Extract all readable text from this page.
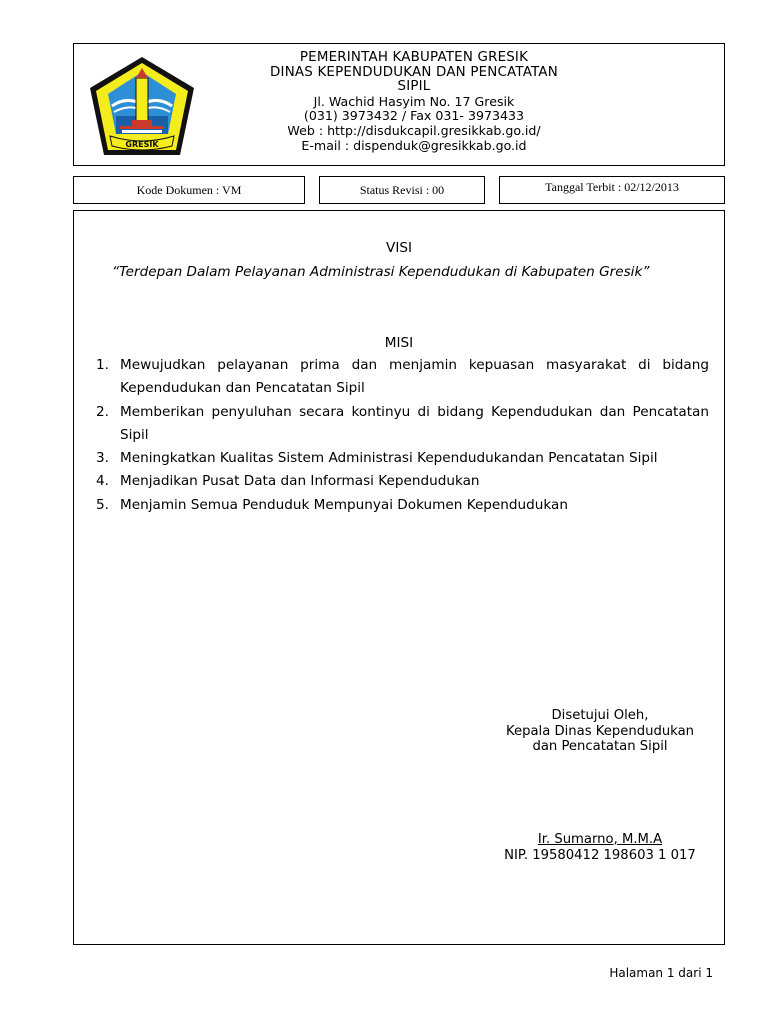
GRESIK
PEMERINTAH KABUPATEN GRESIK
DINAS KEPENDUDUKAN DAN PENCATATAN
SIPIL
Jl. Wachid Hasyim No. 17 Gresik
(031) 3973432 / Fax 031- 3973433
Web : http://disdukcapil.gresikkab.go.id/
E-mail : dispenduk@gresikkab.go.id
Kode Dokumen : VM	Status Revisi : 00	Tanggal Terbit : 02/12/2013
VISI
“Terdepan Dalam Pelayanan Administrasi Kependudukan di Kabupaten Gresik”
MISI
1. Mewujudkan pelayanan prima dan menjamin kepuasan masyarakat di bidang Kependudukan dan Pencatatan Sipil
2. Memberikan penyuluhan secara kontinyu di bidang Kependudukan dan Pencatatan Sipil
3. Meningkatkan Kualitas Sistem Administrasi Kependudukandan Pencatatan Sipil
4. Menjadikan Pusat Data dan Informasi Kependudukan
5. Menjamin Semua Penduduk Mempunyai Dokumen Kependudukan
Disetujui Oleh,
Kepala Dinas Kependudukan
dan Pencatatan Sipil
Ir. Sumarno, M.M.A
NIP. 19580412 198603 1 017
Halaman 1 dari 1
